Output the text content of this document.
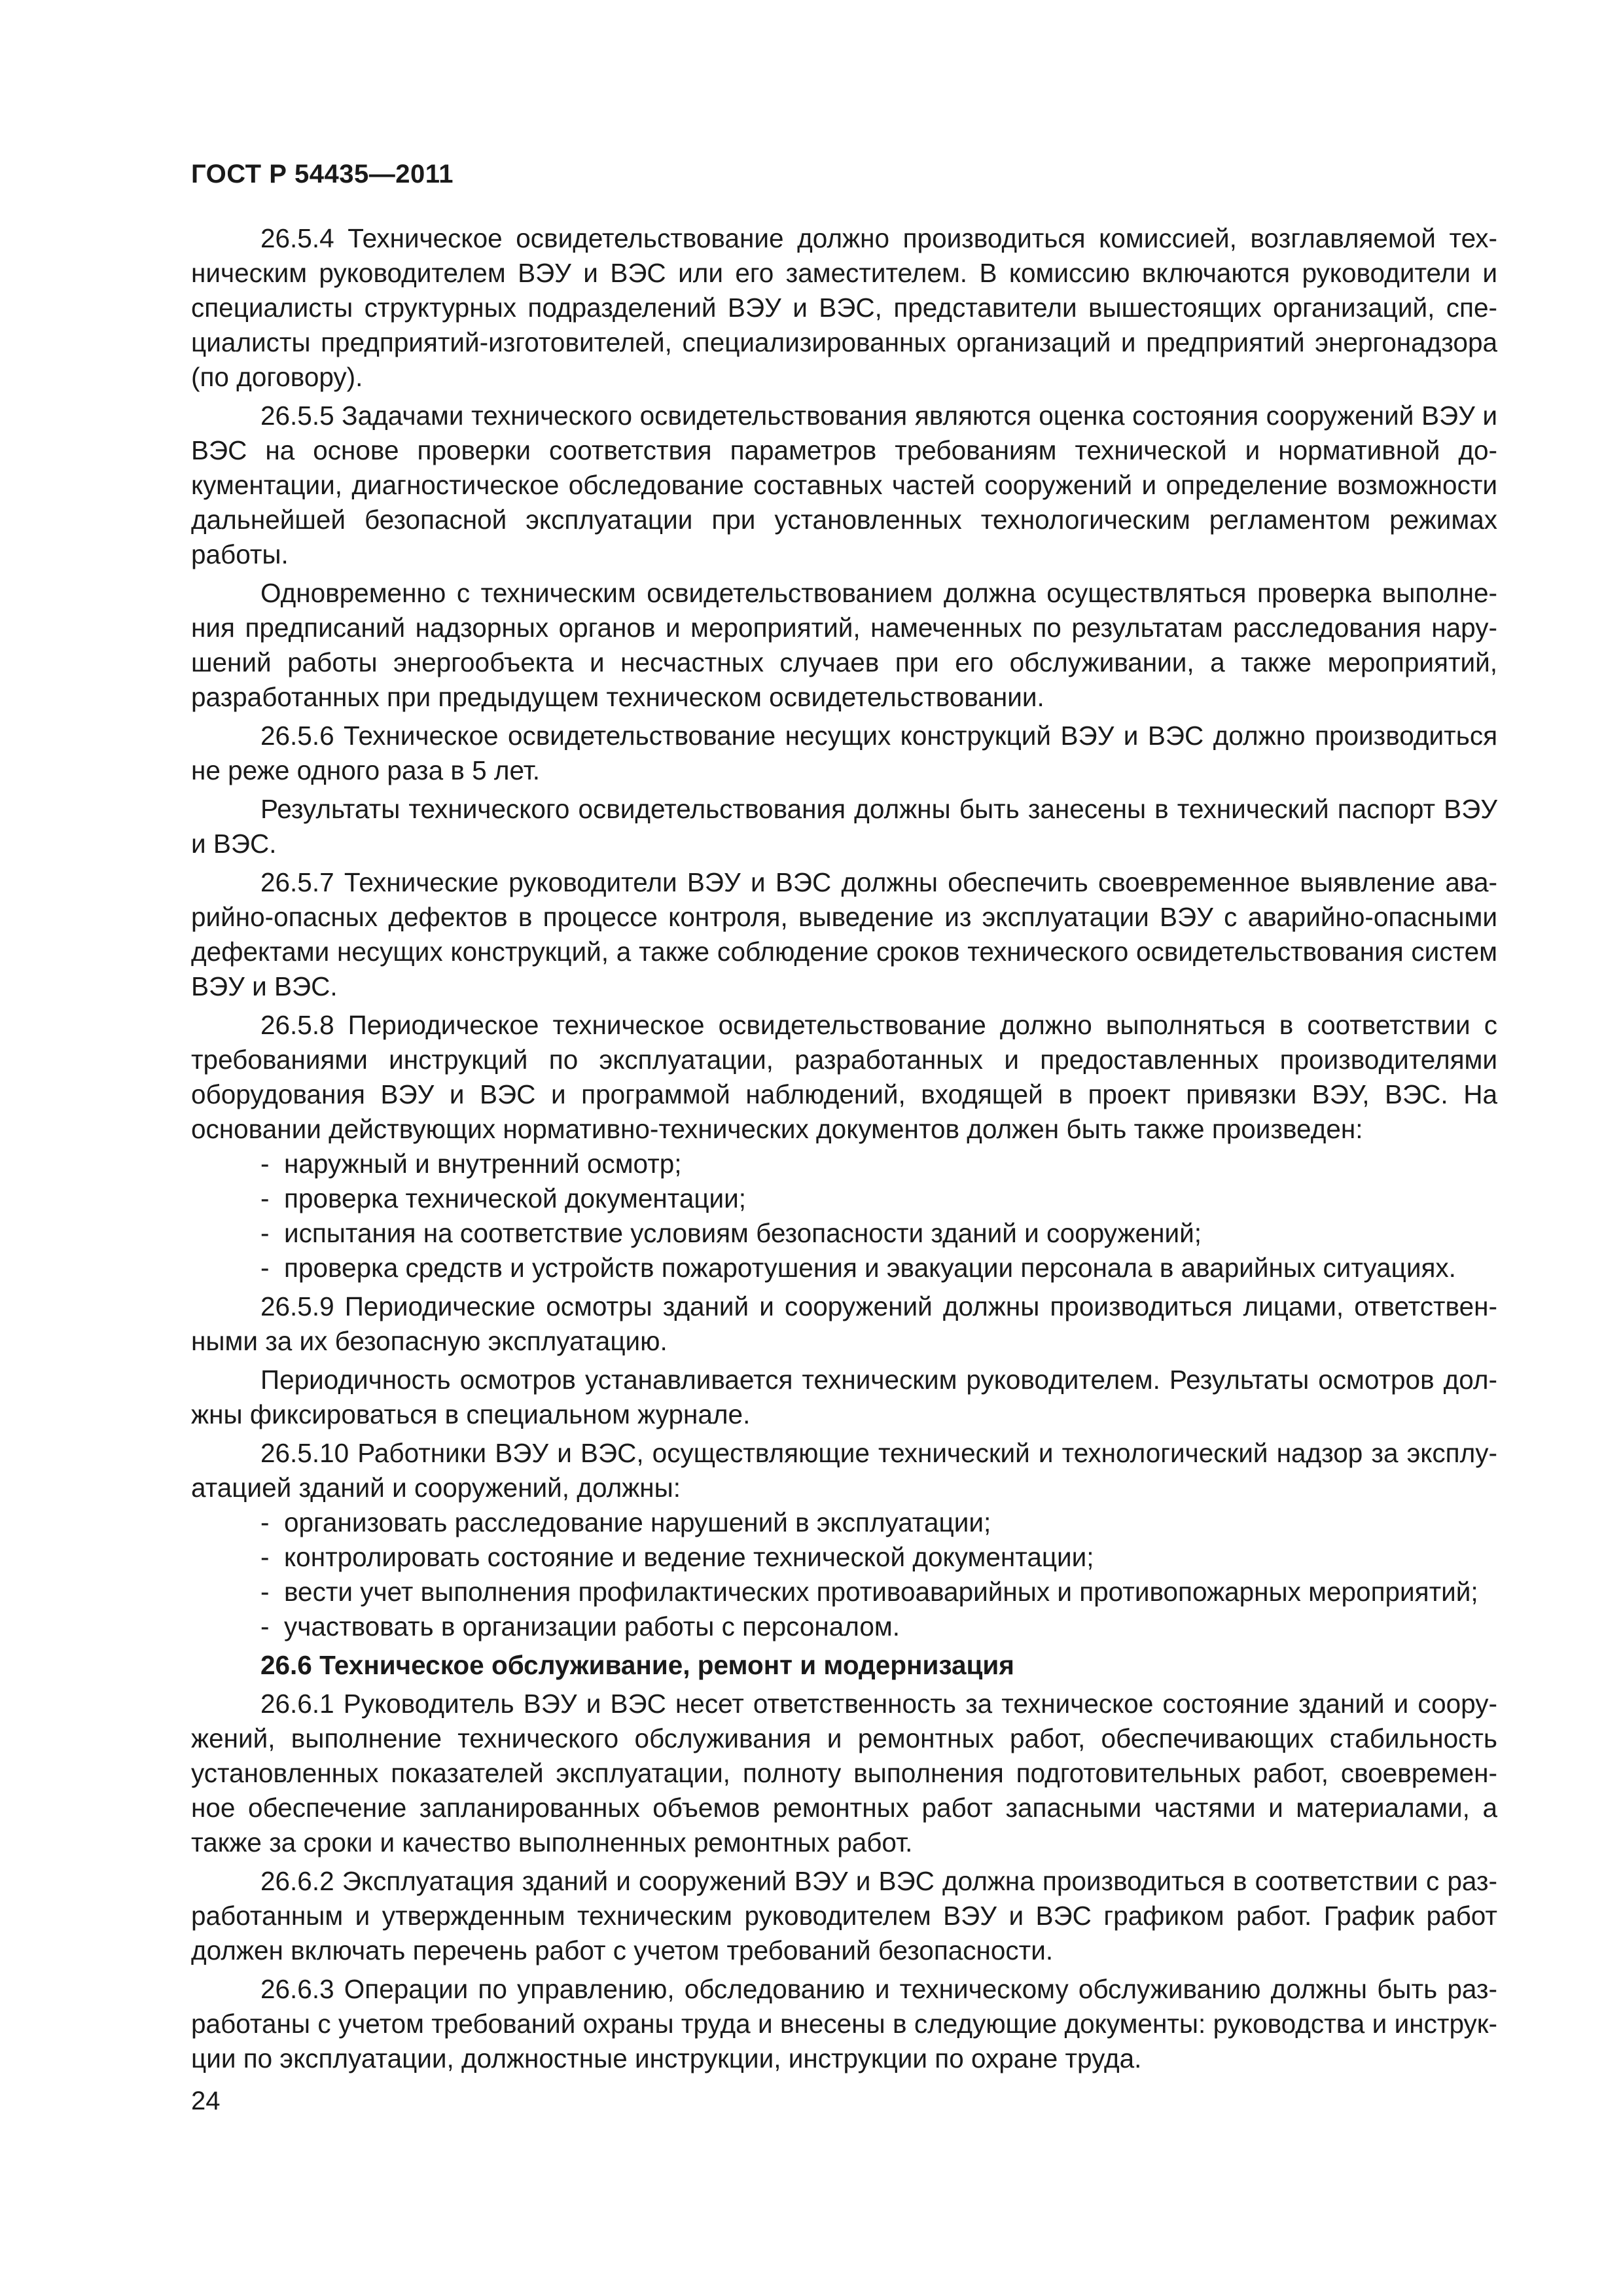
ГОСТ Р 54435—2011

26.5.4 Техническое освидетельствование должно производиться комиссией, возглавляемой техническим руководителем ВЭУ и ВЭС или его заместителем. В комиссию включаются руководители и специалисты структурных подразделений ВЭУ и ВЭС, представители вышестоящих организаций, специалисты предприятий-изготовителей, специализированных организаций и предприятий энергонадзора (по договору).

26.5.5 Задачами технического освидетельствования являются оценка состояния сооружений ВЭУ и ВЭС на основе проверки соответствия параметров требованиям технической и нормативной документации, диагностическое обследование составных частей сооружений и определение возможности дальнейшей безопасной эксплуатации при установленных технологическим регламентом режимах работы.

Одновременно с техническим освидетельствованием должна осуществляться проверка выполнения предписаний надзорных органов и мероприятий, намеченных по результатам расследования нарушений работы энергообъекта и несчастных случаев при его обслуживании, а также мероприятий, разработанных при предыдущем техническом освидетельствовании.

26.5.6 Техническое освидетельствование несущих конструкций ВЭУ и ВЭС должно производиться не реже одного раза в 5 лет.

Результаты технического освидетельствования должны быть занесены в технический паспорт ВЭУ и ВЭС.

26.5.7 Технические руководители ВЭУ и ВЭС должны обеспечить своевременное выявление аварийно-опасных дефектов в процессе контроля, выведение из эксплуатации ВЭУ с аварийно-опасными дефектами несущих конструкций, а также соблюдение сроков технического освидетельствования систем ВЭУ и ВЭС.

26.5.8 Периодическое техническое освидетельствование должно выполняться в соответствии с требованиями инструкций по эксплуатации, разработанных и предоставленных производителями оборудования ВЭУ и ВЭС и программой наблюдений, входящей в проект привязки ВЭУ, ВЭС. На основании действующих нормативно-технических документов должен быть также произведен:

- наружный и внутренний осмотр;
- проверка технической документации;
- испытания на соответствие условиям безопасности зданий и сооружений;
- проверка средств и устройств пожаротушения и эвакуации персонала в аварийных ситуациях.

26.5.9 Периодические осмотры зданий и сооружений должны производиться лицами, ответственными за их безопасную эксплуатацию.

Периодичность осмотров устанавливается техническим руководителем. Результаты осмотров должны фиксироваться в специальном журнале.

26.5.10 Работники ВЭУ и ВЭС, осуществляющие технический и технологический надзор за эксплуатацией зданий и сооружений, должны:

- организовать расследование нарушений в эксплуатации;
- контролировать состояние и ведение технической документации;
- вести учет выполнения профилактических противоаварийных и противопожарных мероприятий;
- участвовать в организации работы с персоналом.
26.6 Техническое обслуживание, ремонт и модернизация

26.6.1 Руководитель ВЭУ и ВЭС несет ответственность за техническое состояние зданий и сооружений, выполнение технического обслуживания и ремонтных работ, обеспечивающих стабильность установленных показателей эксплуатации, полноту выполнения подготовительных работ, своевременное обеспечение запланированных объемов ремонтных работ запасными частями и материалами, а также за сроки и качество выполненных ремонтных работ.

26.6.2 Эксплуатация зданий и сооружений ВЭУ и ВЭС должна производиться в соответствии с разработанным и утвержденным техническим руководителем ВЭУ и ВЭС графиком работ. График работ должен включать перечень работ с учетом требований безопасности.

26.6.3 Операции по управлению, обследованию и техническому обслуживанию должны быть разработаны с учетом требований охраны труда и внесены в следующие документы: руководства и инструкции по эксплуатации, должностные инструкции, инструкции по охране труда.

24
